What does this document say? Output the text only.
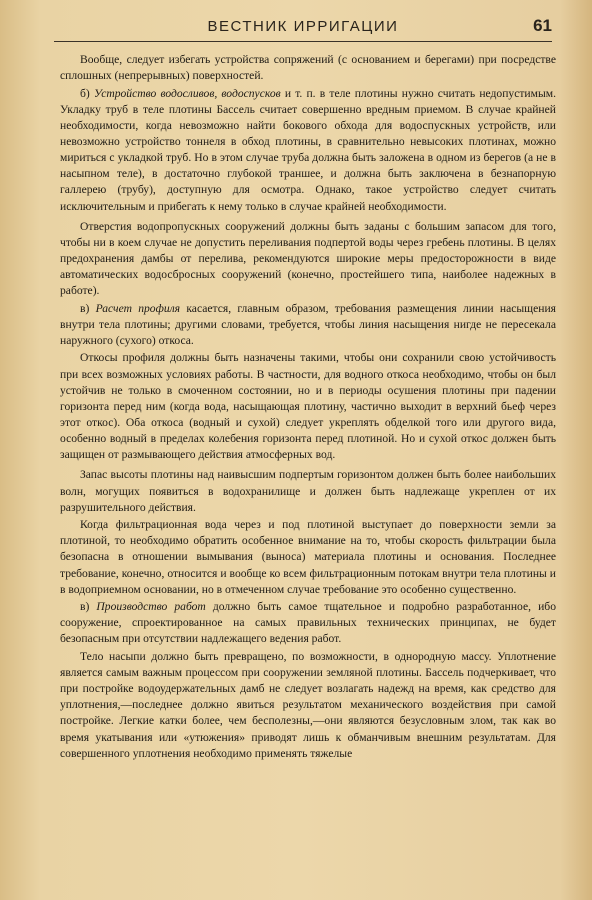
ВЕСТНИК ИРРИГАЦИИ	61

Вообще, следует избегать устройства сопряжений (с основанием и берегами) при посредстве сплошных (непрерывных) поверхностей.

б) Устройство водосливов, водоспусков и т. п. в теле плотины нужно считать недопустимым. Укладку труб в теле плотины Бассель считает совершенно вредным приемом. В случае крайней необходимости, когда невозможно найти бокового обхода для водоспускных устройств, или невозможно устройство тоннеля в обход плотины, в сравнительно невысоких плотинах, можно мириться с укладкой труб. Но в этом случае труба должна быть заложена в одном из берегов (а не в насыпном теле), в достаточно глубокой траншее, и должна быть заключена в безнапорную галлерею (трубу), доступную для осмотра. Однако, такое устройство следует считать исключительным и прибегать к нему только в случае крайней необходимости.

Отверстия водопропускных сооружений должны быть заданы с большим запасом для того, чтобы ни в коем случае не допустить переливания подпертой воды через гребень плотины. В целях предохранения дамбы от перелива, рекомендуются широкие меры предосторожности в виде автоматических водосбросных сооружений (конечно, простейшего типа, наиболее надежных в работе).

в) Расчет профиля касается, главным образом, требования размещения линии насыщения внутри тела плотины; другими словами, требуется, чтобы линия насыщения нигде не пересекала наружного (сухого) откоса.

Откосы профиля должны быть назначены такими, чтобы они сохранили свою устойчивость при всех возможных условиях работы. В частности, для водного откоса необходимо, чтобы он был устойчив не только в смоченном состоянии, но и в периоды осушения плотины при падении горизонта перед ним (когда вода, насыщающая плотину, частично выходит в верхний бьеф через этот откос). Оба откоса (водный и сухой) следует укреплять обделкой того или другого вида, особенно водный в пределах колебения горизонта перед плотиной. Но и сухой откос должен быть защищен от размывающего действия атмосферных вод.

Запас высоты плотины над наивысшим подпертым горизонтом должен быть более наибольших волн, могущих появиться в водохранилище и должен быть надлежаще укреплен от их разрушительного действия.

Когда фильтрационная вода через и под плотиной выступает до поверхности земли за плотиной, то необходимо обратить особенное внимание на то, чтобы скорость фильтрации была безопасна в отношении вымывания (выноса) материала плотины и основания. Последнее требование, конечно, относится и вообще ко всем фильтрационным потокам внутри тела плотины и в водоприемном основании, но в отмеченном случае требование это особенно существенно.

в) Производство работ должно быть самое тщательное и подробно разработанное, ибо сооружение, спроектированное на самых правильных технических принципах, не будет безопасным при отсутствии надлежащего ведения работ.

Тело насыпи должно быть превращено, по возможности, в однородную массу. Уплотнение является самым важным процессом при сооружении земляной плотины. Бассель подчеркивает, что при постройке водоудержательных дамб не следует возлагать надежд на время, как средство для уплотнения,—последнее должно явиться результатом механического воздействия при самой постройке. Легкие катки более, чем бесполезны,—они являются безусловным злом, так как во время укатывания или «утюжения» приводят лишь к обманчивым внешним результатам. Для совершенного уплотнения необходимо применять тяжелые
